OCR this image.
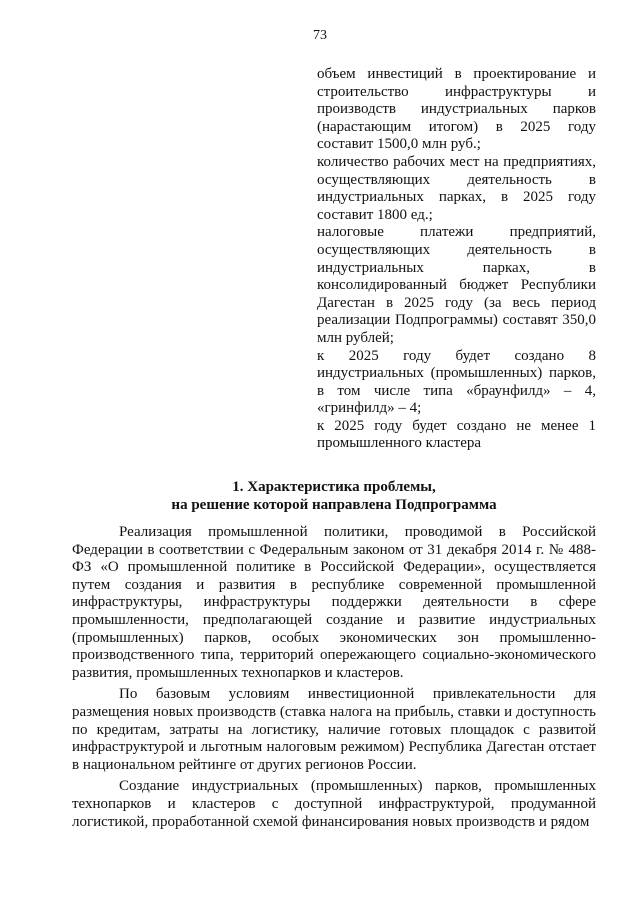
73

объем инвестиций в проектирование и строительство инфраструктуры и производств индустриальных парков (нарастающим итогом) в 2025 году составит 1500,0 млн руб.;

количество рабочих мест на предприятиях, осуществляющих деятельность в индустриальных парках, в 2025 году составит 1800 ед.;

налоговые платежи предприятий, осуществляющих деятельность в индустриальных парках, в консолидированный бюджет Республики Дагестан в 2025 году (за весь период реализации Подпрограммы) составят 350,0 млн рублей;

к 2025 году будет создано 8 индустриальных (промышленных) парков, в том числе типа «браунфилд» – 4, «гринфилд» – 4;

к 2025 году будет создано не менее 1 промышленного кластера

1. Характеристика проблемы,
на решение которой направлена Подпрограмма

Реализация промышленной политики, проводимой в Российской Федерации в соответствии с Федеральным законом от 31 декабря 2014 г. № 488-ФЗ «О промышленной политике в Российской Федерации», осуществляется путем создания и развития в республике современной промышленной инфраструктуры, инфраструктуры поддержки деятельности в сфере промышленности, предполагающей создание и развитие индустриальных (промышленных) парков, особых экономических зон промышленно-производственного типа, территорий опережающего социально-экономического развития, промышленных технопарков и кластеров.

По базовым условиям инвестиционной привлекательности для размещения новых производств (ставка налога на прибыль, ставки и доступность по кредитам, затраты на логистику, наличие готовых площадок с развитой инфраструктурой и льготным налоговым режимом) Республика Дагестан отстает в национальном рейтинге от других регионов России.

Создание индустриальных (промышленных) парков, промышленных технопарков и кластеров с доступной инфраструктурой, продуманной логистикой, проработанной схемой финансирования новых производств и рядом
